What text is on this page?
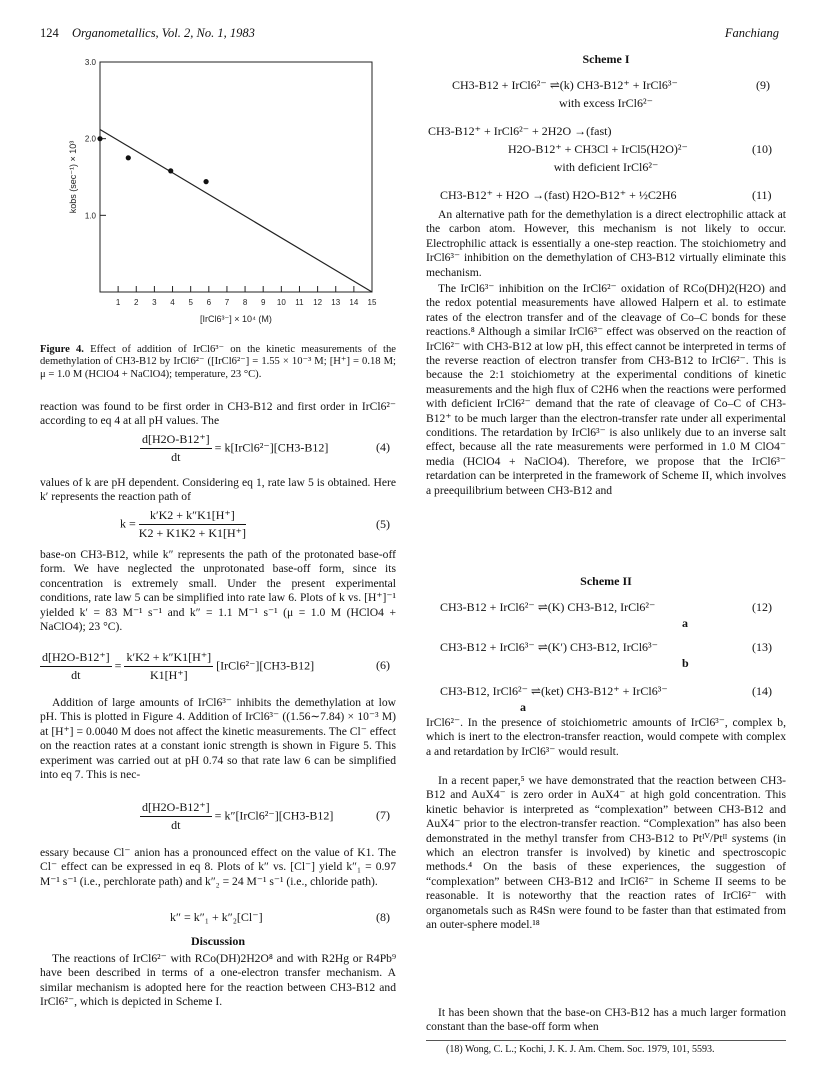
124 Organometallics, Vol. 2, No. 1, 1983	Fanchiang
1 2 3 4 5 6 7 8 9 10 11 12 13 14 15
1.0
2.0
3.0
[IrCl6³⁻] × 10⁴ (M)
kobs (sec⁻¹) × 10³
Figure 4. Effect of addition of IrCl6³⁻ on the kinetic measurements of the demethylation of CH3-B12 by IrCl6²⁻ ([IrCl6²⁻] = 1.55 × 10⁻³ M; [H⁺] = 0.18 M; μ = 1.0 M (HClO4 + NaClO4); temperature, 23 °C).

reaction was found to be first order in CH3-B12 and first order in IrCl6²⁻ according to eq 4 at all pH values. The

$\frac{d[H2O-B12^+]}{dt}$ = k[IrCl6²⁻][CH3-B12]	(4)

values of k are pH dependent. Considering eq 1, rate law 5 is obtained. Here k′ represents the reaction path of

$k = \frac{k'K2 + k''K1[H^+]}{K2 + K1K2 + K1[H^+]}$	(5)

base-on CH3-B12, while k″ represents the path of the protonated base-off form. We have neglected the unprotonated base-off form, since its concentration is extremely small. Under the present experimental conditions, rate law 5 can be simplified into rate law 6. Plots of k vs. [H⁺]⁻¹ yielded k′ = 83 M⁻¹ s⁻¹ and k″ = 1.1 M⁻¹ s⁻¹ (μ = 1.0 M (HClO4 + NaClO4); 23 °C).

$\frac{d[H2O-B12^+]}{dt} = \frac{k'K2 + k''K1[H^+]}{K1[H^+]}$ [IrCl6²⁻][CH3-B12]	(6)

Addition of large amounts of IrCl6³⁻ inhibits the demethylation at low pH. This is plotted in Figure 4. Addition of IrCl6³⁻ ((1.56∼7.84) × 10⁻³ M) at [H⁺] = 0.0040 M does not affect the kinetic measurements. The Cl⁻ effect on the reaction rates at a constant ionic strength is shown in Figure 5. This experiment was carried out at pH 0.74 so that rate law 6 can be simplified into eq 7. This is nec-

$\frac{d[H2O-B12^+]}{dt}$ = k″[IrCl6²⁻][CH3-B12]	(7)

essary because Cl⁻ anion has a pronounced effect on the value of K1. The Cl⁻ effect can be expressed in eq 8. Plots of k″ vs. [Cl⁻] yield k″₁ = 0.97 M⁻¹ s⁻¹ (i.e., perchlorate path) and k″₂ = 24 M⁻¹ s⁻¹ (i.e., chloride path).

k″ = k″₁ + k″₂[Cl⁻]	(8)
Discussion

The reactions of IrCl6²⁻ with RCo(DH)2H2O⁸ and with R2Hg or R4Pb⁹ have been described in terms of a one-electron transfer mechanism. A similar mechanism is adopted here for the reaction between CH3-B12 and IrCl6²⁻, which is depicted in Scheme I.

Scheme I
CH3-B12 + IrCl6²⁻ ⇌(k) CH3-B12⁺ + IrCl6³⁻	(9)
with excess IrCl6²⁻
CH3-B12⁺ + IrCl6²⁻ + 2H2O →(fast)
H2O-B12⁺ + CH3Cl + IrCl5(H2O)²⁻	(10)
with deficient IrCl6²⁻
CH3-B12⁺ + H2O →(fast) H2O-B12⁺ + ½C2H6	(11)

An alternative path for the demethylation is a direct electrophilic attack at the carbon atom. However, this mechanism is not likely to occur. Electrophilic attack is essentially a one-step reaction. The stoichiometry and IrCl6³⁻ inhibition on the demethylation of CH3-B12 virtually eliminate this mechanism.

The IrCl6³⁻ inhibition on the IrCl6²⁻ oxidation of RCo(DH)2(H2O) and the redox potential measurements have allowed Halpern et al. to estimate rates of the electron transfer and of the cleavage of Co–C bonds for these reactions.⁸ Although a similar IrCl6³⁻ effect was observed on the reaction of IrCl6²⁻ with CH3-B12 at low pH, this effect cannot be interpreted in terms of the reverse reaction of electron transfer from CH3-B12 to IrCl6²⁻. This is because the 2:1 stoichiometry at the experimental conditions of kinetic measurements and the high flux of C2H6 when the reactions were performed with deficient IrCl6²⁻ demand that the rate of cleavage of Co–C of CH3-B12⁺ to be much larger than the electron-transfer rate under all experimental conditions. The retardation by IrCl6³⁻ is also unlikely due to an inverse salt effect, because all the rate measurements were performed in 1.0 M ClO4⁻ media (HClO4 + NaClO4). Therefore, we propose that the IrCl6³⁻ retardation can be interpreted in the framework of Scheme II, which involves a preequilibrium between CH3-B12 and

Scheme II
CH3-B12 + IrCl6²⁻ ⇌(K) CH3-B12, IrCl6²⁻	(12)
a
CH3-B12 + IrCl6³⁻ ⇌(K′) CH3-B12, IrCl6³⁻	(13)
b
CH3-B12, IrCl6²⁻ ⇌(ket) CH3-B12⁺ + IrCl6³⁻	(14)
a

IrCl6²⁻. In the presence of stoichiometric amounts of IrCl6³⁻, complex b, which is inert to the electron-transfer reaction, would compete with complex a and retardation by IrCl6³⁻ would result.

In a recent paper,⁵ we have demonstrated that the reaction between CH3-B12 and AuX4⁻ is zero order in AuX4⁻ at high gold concentration. This kinetic behavior is interpreted as “complexation” between CH3-B12 and AuX4⁻ prior to the electron-transfer reaction. “Complexation” has also been demonstrated in the methyl transfer from CH3-B12 to Ptᴵⱽ/Ptᴵᴵ systems (in which an electron transfer is involved) by kinetic and spectroscopic methods.⁴ On the basis of these experiences, the suggestion of “complexation” between CH3-B12 and IrCl6²⁻ in Scheme II seems to be reasonable. It is noteworthy that the reaction rates of IrCl6²⁻ with organometals such as R4Sn were found to be faster than that estimated from an outer-sphere model.¹⁸

It has been shown that the base-on CH3-B12 has a much larger formation constant than the base-off form when

(18) Wong, C. L.; Kochi, J. K. J. Am. Chem. Soc. 1979, 101, 5593.
